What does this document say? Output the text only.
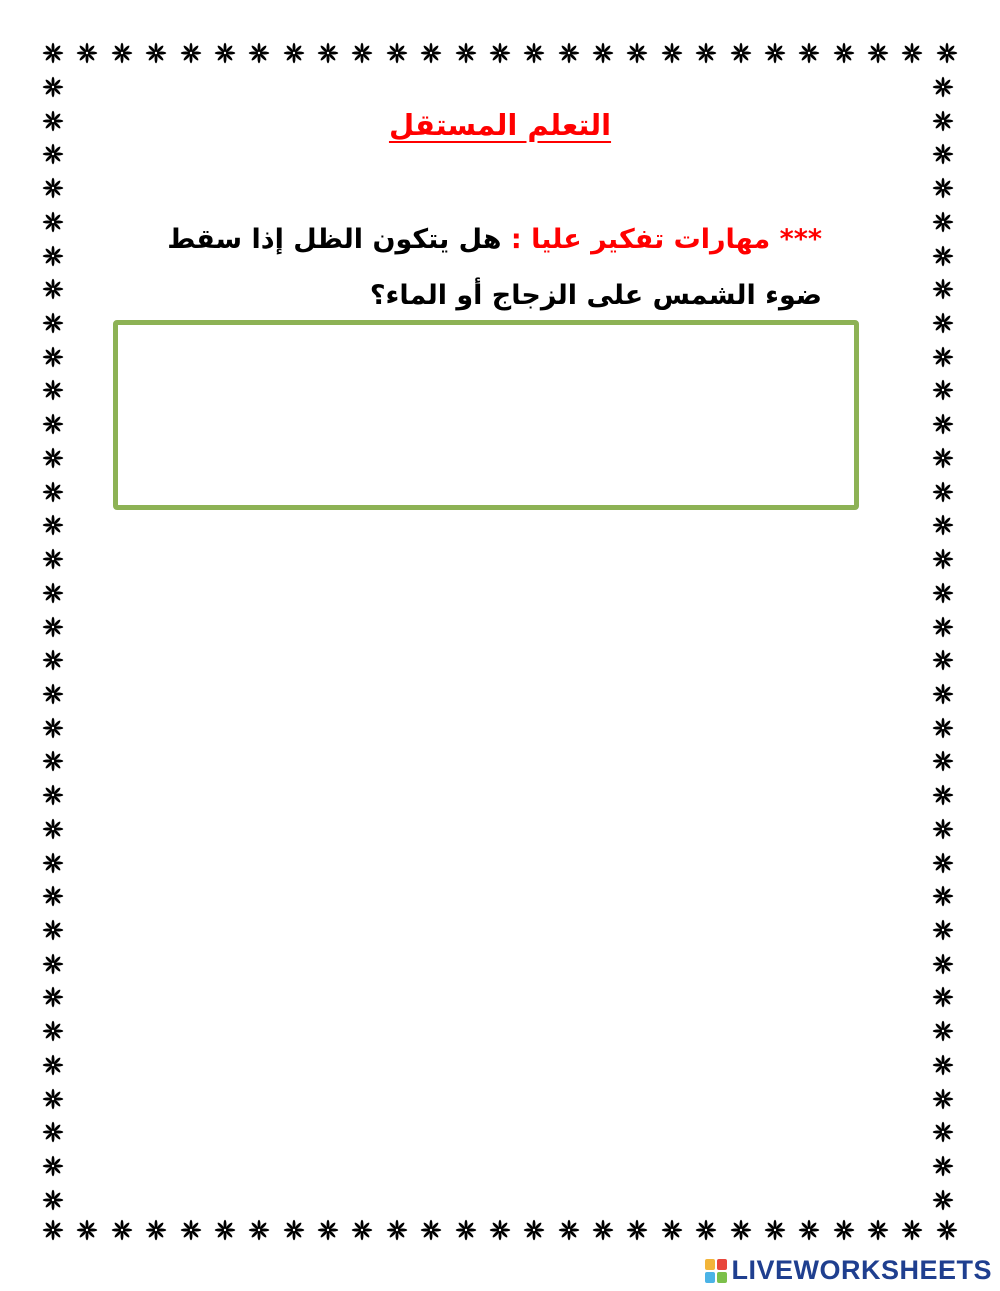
التعلم المستقل

*** مهارات تفكير عليا : هل يتكون الظل إذا سقط ضوء الشمس على الزجاج أو الماء؟

LIVEWORKSHEETS
